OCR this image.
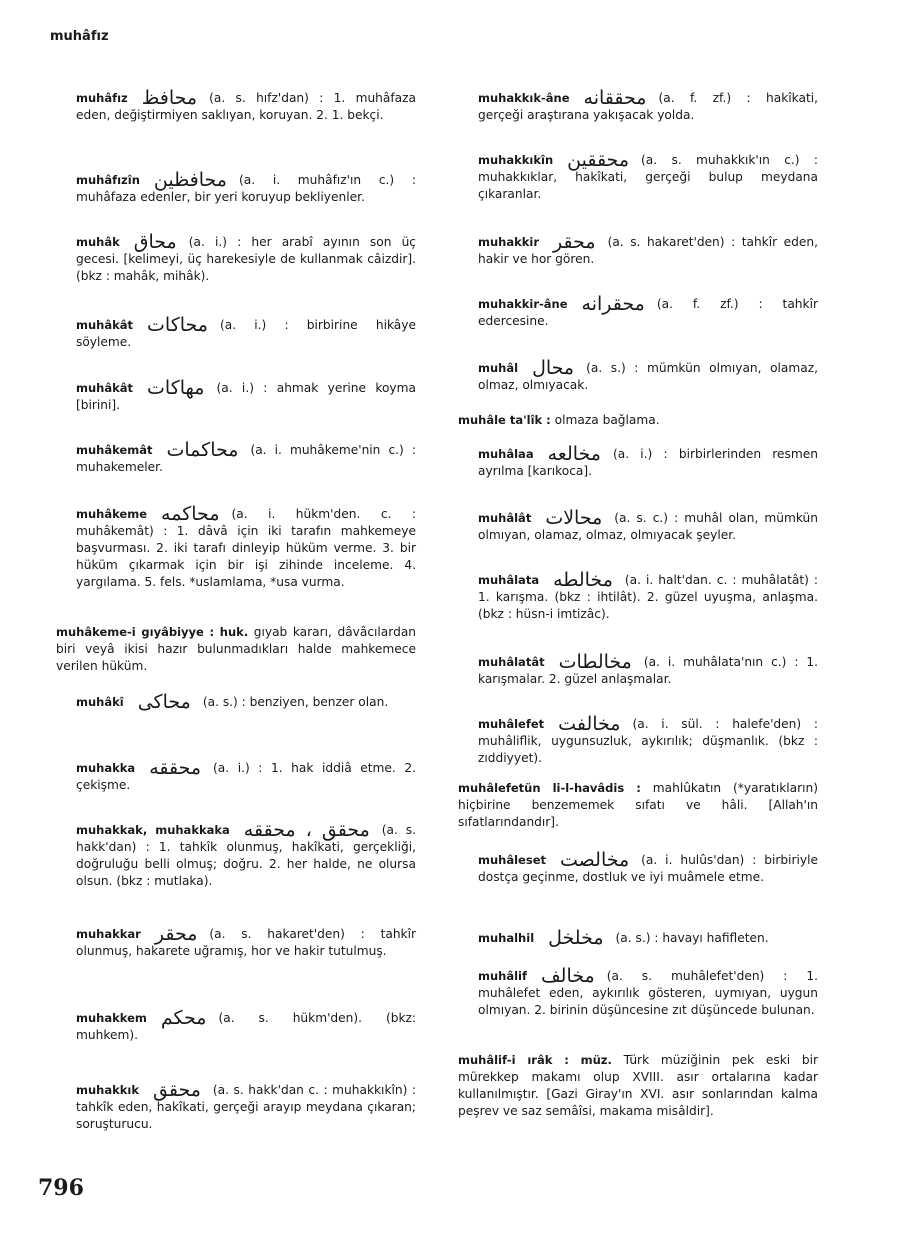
muhâfız
muhâfız محافظ (a. s. hıfz'dan) : 1. muhâfaza eden, değiştirmiyen saklıyan, koruyan. 2. 1. bekçi.
muhâfızîn محافظين (a. i. muhâfız'ın c.) : muhâfaza edenler, bir yeri koruyup bekliyenler.
muhâk محاق (a. i.) : her arabî ayının son üç gecesi. [kelimeyi, üç harekesiyle de kullanmak câizdir]. (bkz : mahâk, mihâk).
muhâkât محاكات (a. i.) : birbirine hikâye söyleme.
muhâkât مهاكات (a. i.) : ahmak yerine koyma [birini].
muhâkemât محاكمات (a. i. muhâkeme'nin c.) : muhakemeler.
muhâkeme محاكمه (a. i. hükm'den. c. : muhâkemât) : 1. dâvâ için iki tarafın mahkemeye başvurması. 2. iki tarafı dinleyip hüküm verme. 3. bir hüküm çıkarmak için bir işi zihinde inceleme. 4. yargılama. 5. fels. *uslamlama, *usa vurma.
muhâkeme-i gıyâbiyye : huk. gıyab kararı, dâvâcılardan biri veyâ ikisi hazır bulunmadıkları halde mahkemece verilen hüküm.
muhâkî محاكى (a. s.) : benziyen, benzer olan.
muhakka محققه (a. i.) : 1. hak iddiâ etme. 2. çekişme.
muhakkak, muhakkaka محقق ، محققه (a. s. hakk'dan) : 1. tahkîk olunmuş, hakîkati, gerçekliği, doğruluğu belli olmuş; doğru. 2. her halde, ne olursa olsun. (bkz : mutlaka).
muhakkar محقر (a. s. hakaret'den) : tahkîr olunmuş, hakarete uğramış, hor ve hakir tutulmuş.
muhakkem محكم (a. s. hükm'den). (bkz: muhkem).
muhakkık محقق (a. s. hakk'dan c. : muhakkıkîn) : tahkîk eden, hakîkati, gerçeği arayıp meydana çıkaran; soruşturucu.
muhakkık-âne محققانه (a. f. zf.) : hakîkati, gerçeği araştırana yakışacak yolda.
muhakkıkîn محققين (a. s. muhakkık'ın c.) : muhakkıklar, hakîkati, gerçeği bulup meydana çıkaranlar.
muhakkir محقر (a. s. hakaret'den) : tahkîr eden, hakir ve hor gören.
muhakkir-âne محقرانه (a. f. zf.) : tahkîr edercesine.
muhâl محال (a. s.) : mümkün olmıyan, olamaz, olmaz, olmıyacak.
muhâle ta'lîk : olmaza bağlama.
muhâlaa مخالعه (a. i.) : birbirlerinden resmen ayrılma [karıkoca].
muhâlât محالات (a. s. c.) : muhâl olan, mümkün olmıyan, olamaz, olmaz, olmıyacak şeyler.
muhâlata مخالطه (a. i. halt'dan. c. : muhâlatât) : 1. karışma. (bkz : ihtilât). 2. güzel uyuşma, anlaşma. (bkz : hüsn-i imtizâc).
muhâlatât مخالطات (a. i. muhâlata'nın c.) : 1. karışmalar. 2. güzel anlaşmalar.
muhâlefet مخالفت (a. i. sül. : halefe'den) : muhâliflik, uygunsuzluk, aykırılık; düşmanlık. (bkz : zıddiyyet).
muhâlefetün li-l-havâdis : mahlûkatın (*yaratıkların) hiçbirine benzememek sıfatı ve hâli. [Allah'ın sıfatlarındandır].
muhâleset مخالصت (a. i. hulûs'dan) : birbiriyle dostça geçinme, dostluk ve iyi muâmele etme.
muhalhil مخلخل (a. s.) : havayı hafifleten.
muhâlif مخالف (a. s. muhâlefet'den) : 1. muhâlefet eden, aykırılık gösteren, uymıyan, uygun olmıyan. 2. birinin düşüncesine zıt düşüncede bulunan.
muhâlif-i ırâk : müz. Türk müziğinin pek eski bir mürekkep makamı olup XVIII. asır ortalarına kadar kullanılmıştır. [Gazi Giray'ın XVI. asır sonlarından kalma peşrev ve saz semâîsi, makama misâldir].
796
